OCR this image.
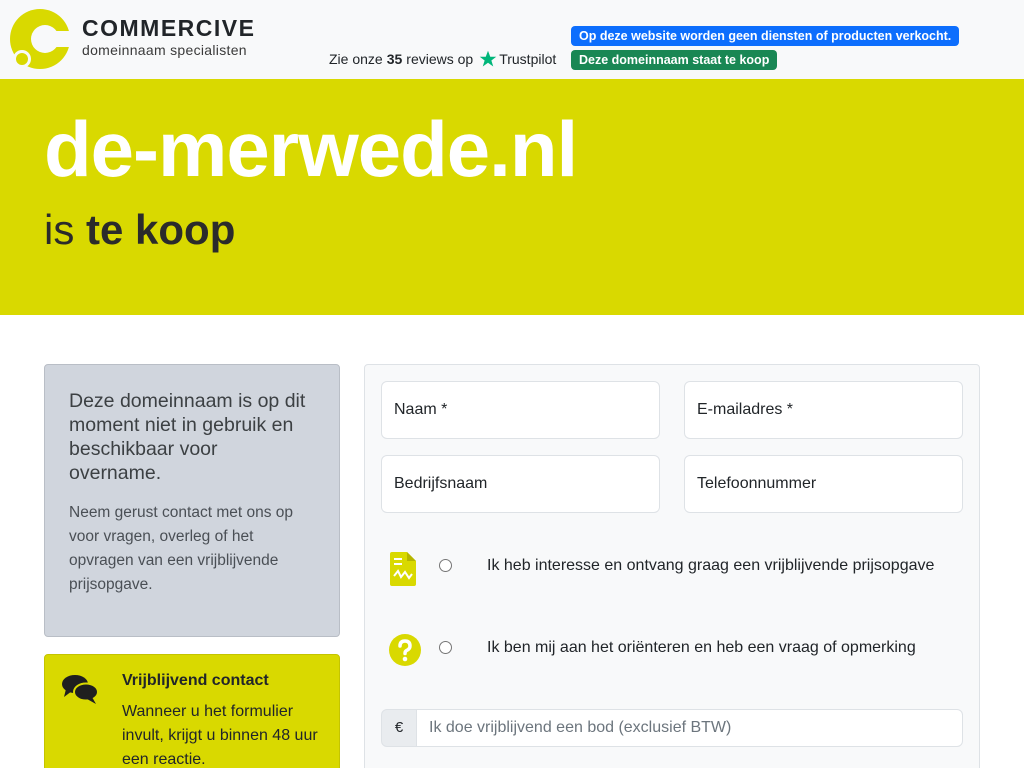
COMMERCIVE
domeinnaam specialisten
Zie onze 35 reviews op Trustpilot
Op deze website worden geen diensten of producten verkocht.
Deze domeinnaam staat te koop
de-merwede.nl
is te koop
Deze domeinnaam is op dit moment niet in gebruik en beschikbaar voor overname.
Neem gerust contact met ons op voor vragen, overleg of het opvragen van een vrijblijvende prijsopgave.
Vrijblijvend contact
Wanneer u het formulier invult, krijgt u binnen 48 uur een reactie.
Naam *
E-mailadres *
Bedrijfsnaam
Telefoonnummer
Ik heb interesse en ontvang graag een vrijblijvende prijsopgave
Ik ben mij aan het oriënteren en heb een vraag of opmerking
€
Ik doe vrijblijvend een bod (exclusief BTW)
